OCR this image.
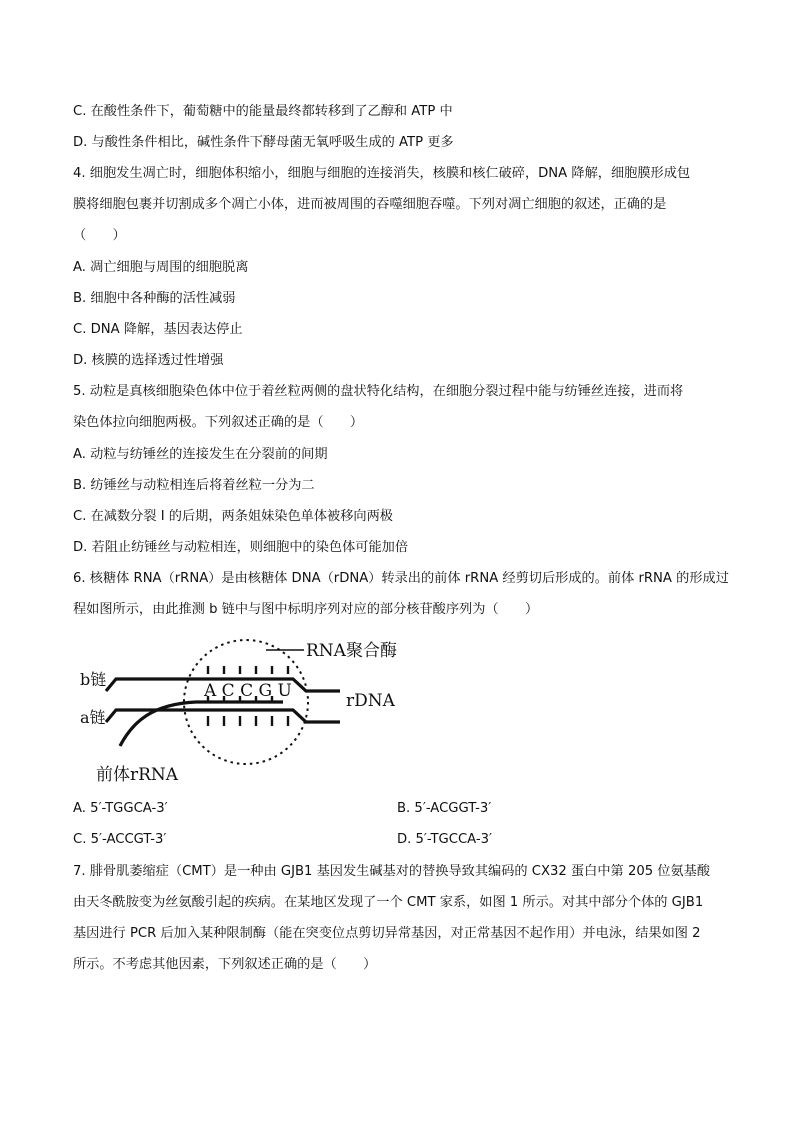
C. 在酸性条件下，葡萄糖中的能量最终都转移到了乙醇和 ATP 中
D. 与酸性条件相比，碱性条件下酵母菌无氧呼吸生成的 ATP 更多
4. 细胞发生凋亡时，细胞体积缩小，细胞与细胞的连接消失，核膜和核仁破碎，DNA 降解，细胞膜形成包
膜将细胞包裹并切割成多个凋亡小体，进而被周围的吞噬细胞吞噬。下列对凋亡细胞的叙述，正确的是
（　　）
A. 凋亡细胞与周围的细胞脱离
B. 细胞中各种酶的活性减弱
C. DNA 降解，基因表达停止
D. 核膜的选择透过性增强
5. 动粒是真核细胞染色体中位于着丝粒两侧的盘状特化结构，在细胞分裂过程中能与纺锤丝连接，进而将
染色体拉向细胞两极。下列叙述正确的是（　　）
A. 动粒与纺锤丝的连接发生在分裂前的间期
B. 纺锤丝与动粒相连后将着丝粒一分为二
C. 在减数分裂 I 的后期，两条姐妹染色单体被移向两极
D. 若阻止纺锤丝与动粒相连，则细胞中的染色体可能加倍
6. 核糖体 RNA（rRNA）是由核糖体 DNA（rDNA）转录出的前体 rRNA 经剪切后形成的。前体 rRNA 的形成过
程如图所示，由此推测 b 链中与图中标明序列对应的部分核苷酸序列为（　　）
b链
a链
RNA聚合酶
rDNA
前体rRNA
A C C G U
A. 5′-TGGCA-3′	B. 5′-ACGGT-3′
C. 5′-ACCGT-3′	D. 5′-TGCCA-3′
7. 腓骨肌萎缩症（CMT）是一种由 GJB1 基因发生碱基对的替换导致其编码的 CX32 蛋白中第 205 位氨基酸
由天冬酰胺变为丝氨酸引起的疾病。在某地区发现了一个 CMT 家系，如图 1 所示。对其中部分个体的 GJB1
基因进行 PCR 后加入某种限制酶（能在突变位点剪切异常基因，对正常基因不起作用）并电泳，结果如图 2
所示。不考虑其他因素，下列叙述正确的是（　　）
